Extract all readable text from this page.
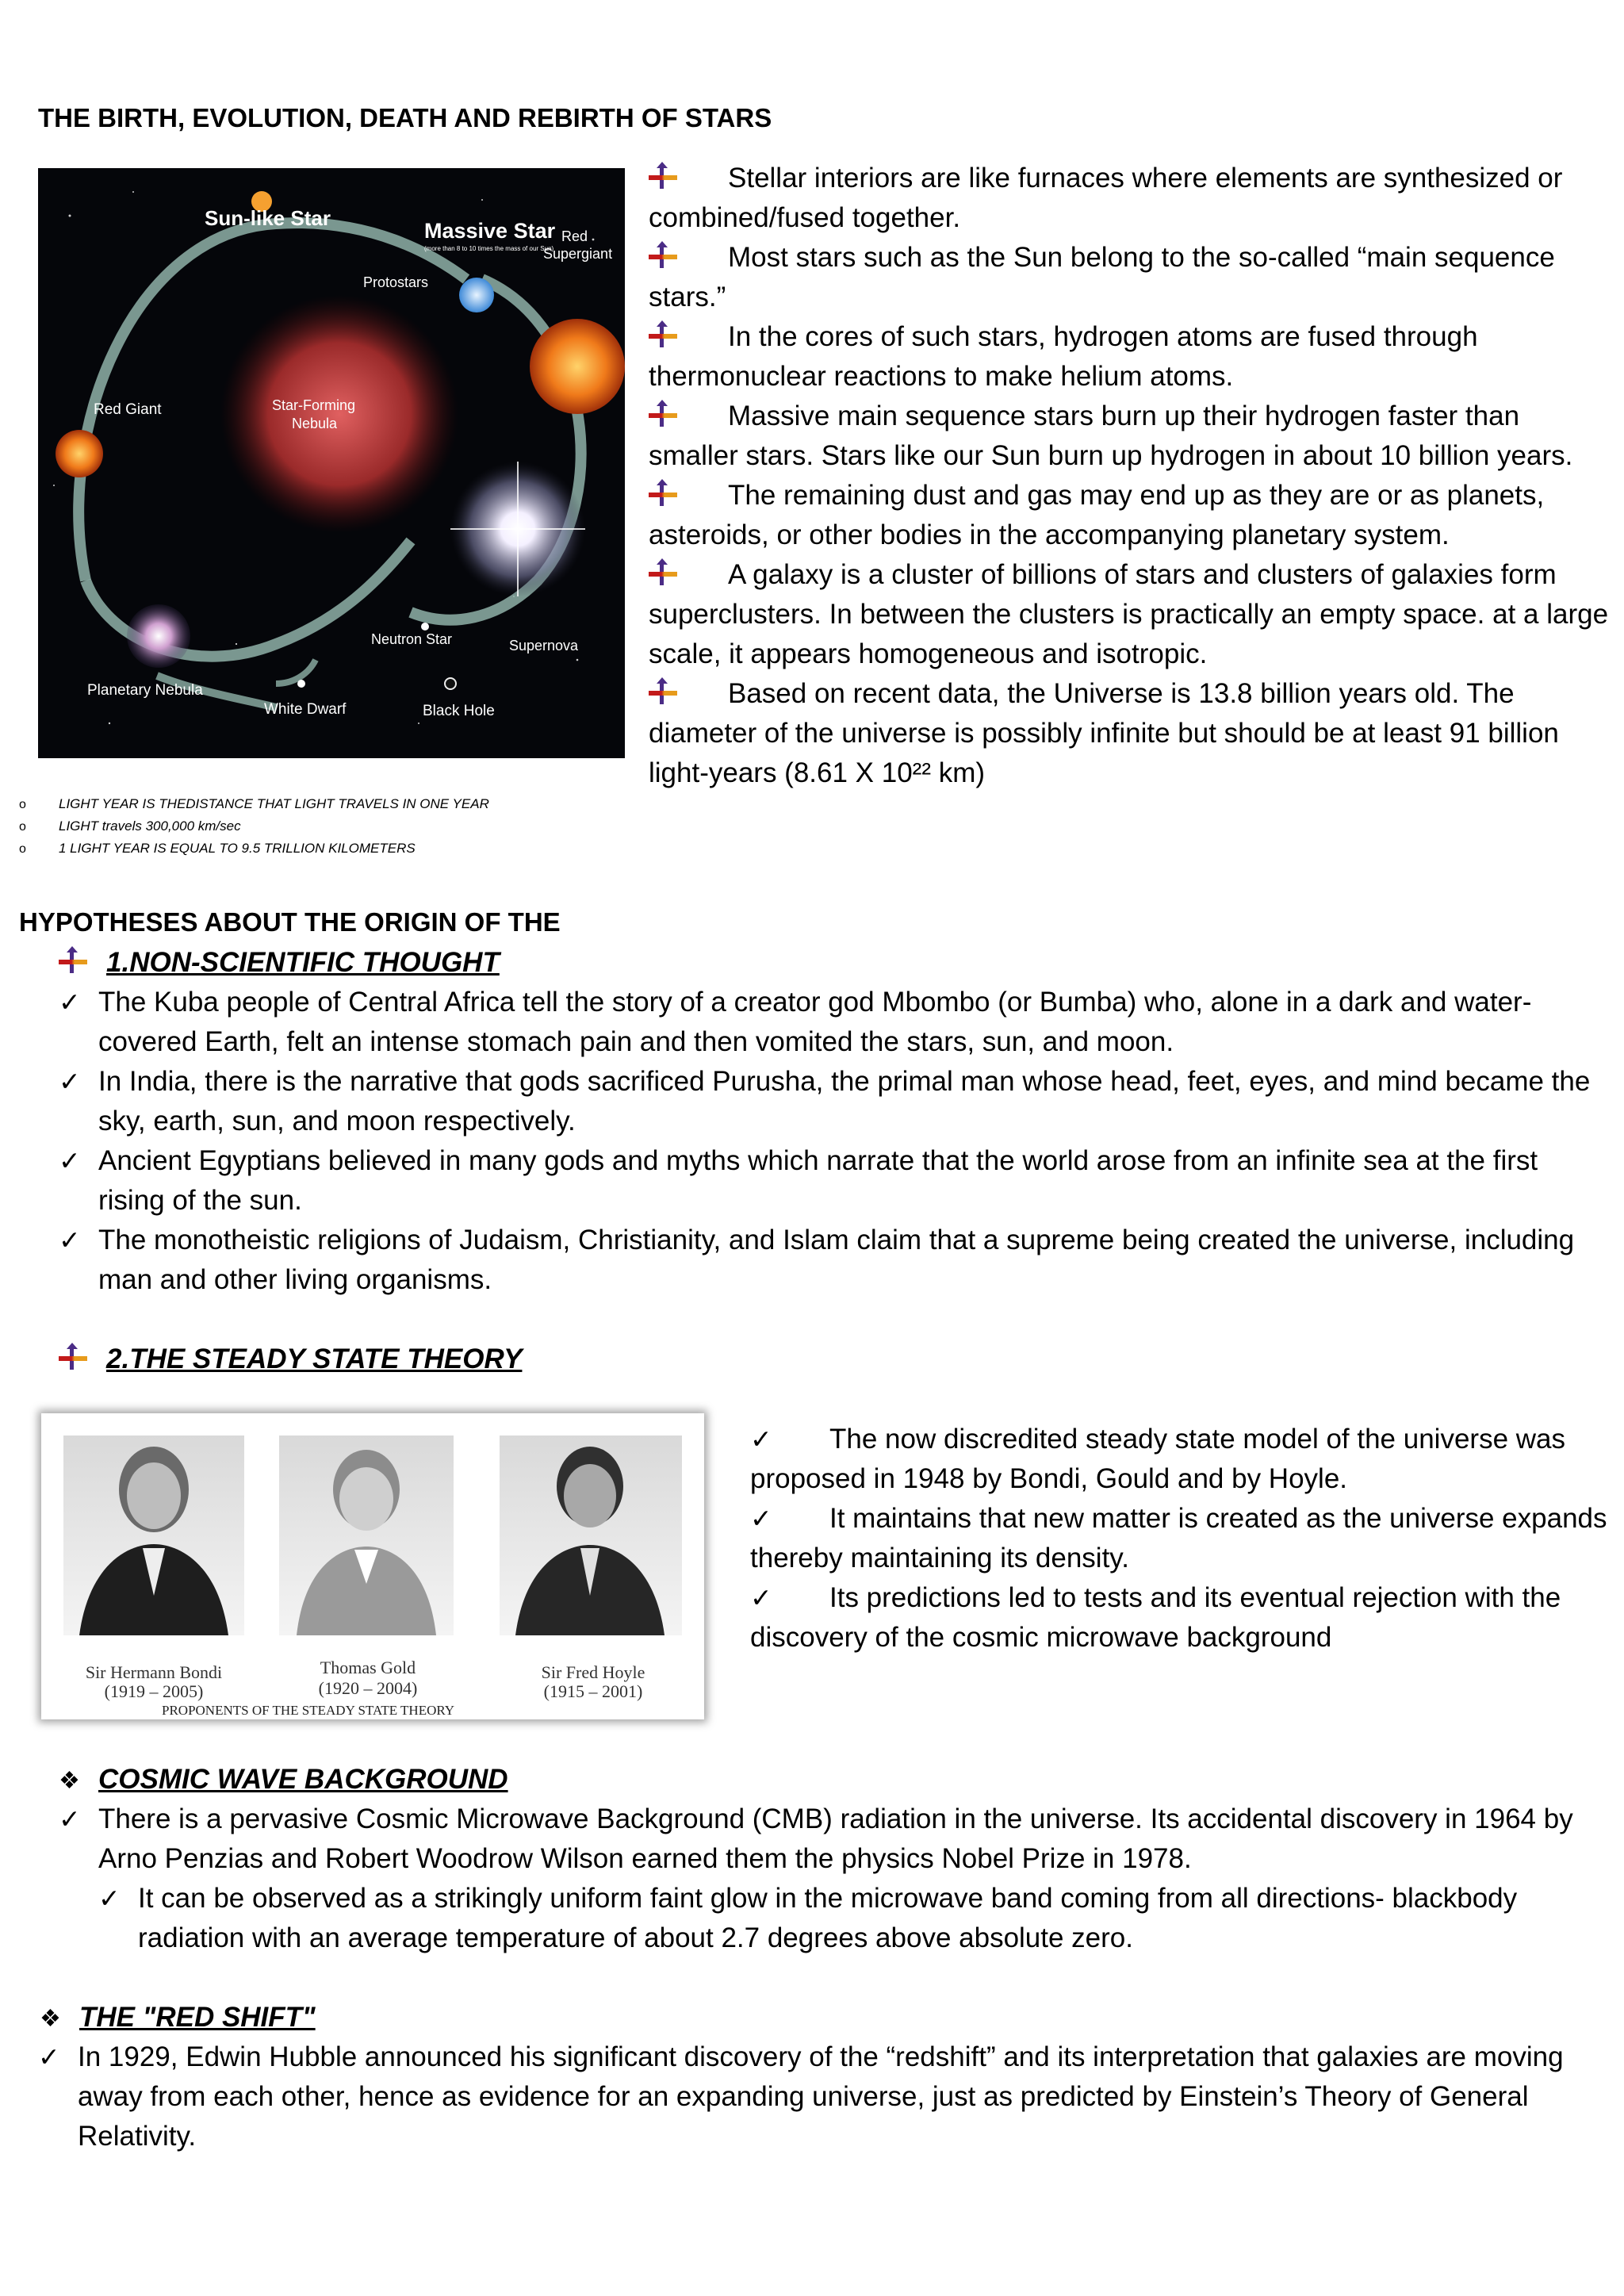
THE BIRTH, EVOLUTION, DEATH AND REBIRTH OF STARS
Sun-like Star
Massive Star
(more than 8 to 10 times the mass of our Sun)
Red
Supergiant
Protostars
Red Giant	Star-Forming
Nebula
Neutron Star	Supernova
Planetary Nebula
White Dwarf	Black Hole

Stellar interiors are like furnaces where elements are synthesized or combined/fused together.

Most stars such as the Sun belong to the so-called “main sequence stars.”

In the cores of such stars, hydrogen atoms are fused through thermonuclear reactions to make helium atoms.

Massive main sequence stars burn up their hydrogen faster than smaller stars. Stars like our Sun burn up hydrogen in about 10 billion years.

The remaining dust and gas may end up as they are or as planets, asteroids, or other bodies in the accompanying planetary system.

A galaxy is a cluster of billions of stars and clusters of galaxies form superclusters. In between the clusters is practically an empty space. at a large scale, it appears homogeneous and isotropic.

Based on recent data, the Universe is 13.8 billion years old. The diameter of the universe is possibly infinite but should be at least 91 billion light-years (8.61 X 10²² km)

o LIGHT YEAR IS THEDISTANCE THAT LIGHT TRAVELS IN ONE YEAR
o LIGHT travels 300,000 km/sec
o 1 LIGHT YEAR IS EQUAL TO 9.5 TRILLION KILOMETERS
HYPOTHESES ABOUT THE ORIGIN OF THE
1.NON-SCIENTIFIC THOUGHT
✓ The Kuba people of Central Africa tell the story of a creator god Mbombo (or Bumba) who, alone in a dark and water-covered Earth, felt an intense stomach pain and then vomited the stars, sun, and moon.
✓ In India, there is the narrative that gods sacrificed Purusha, the primal man whose head, feet, eyes, and mind became the sky, earth, sun, and moon respectively.
✓ Ancient Egyptians believed in many gods and myths which narrate that the world arose from an infinite sea at the first rising of the sun.
✓ The monotheistic religions of Judaism, Christianity, and Islam claim that a supreme being created the universe, including man and other living organisms.
2.THE STEADY STATE THEORY
Sir Hermann Bondi
(1919 – 2005)
Thomas Gold
(1920 – 2004)
Sir Fred Hoyle
(1915 – 2001)
PROPONENTS OF THE STEADY STATE THEORY

✓ The now discredited steady state model of the universe was proposed in 1948 by Bondi, Gould and by Hoyle.

✓ It maintains that new matter is created as the universe expands thereby maintaining its density.

✓ Its predictions led to tests and its eventual rejection with the discovery of the cosmic microwave background

❖ COSMIC WAVE BACKGROUND
✓ There is a pervasive Cosmic Microwave Background (CMB) radiation in the universe. Its accidental discovery in 1964 by Arno Penzias and Robert Woodrow Wilson earned them the physics Nobel Prize in 1978.
✓ It can be observed as a strikingly uniform faint glow in the microwave band coming from all directions- blackbody radiation with an average temperature of about 2.7 degrees above absolute zero.
❖ THE "RED SHIFT"
✓ In 1929, Edwin Hubble announced his significant discovery of the “redshift” and its interpretation that galaxies are moving away from each other, hence as evidence for an expanding universe, just as predicted by Einstein’s Theory of General Relativity.
